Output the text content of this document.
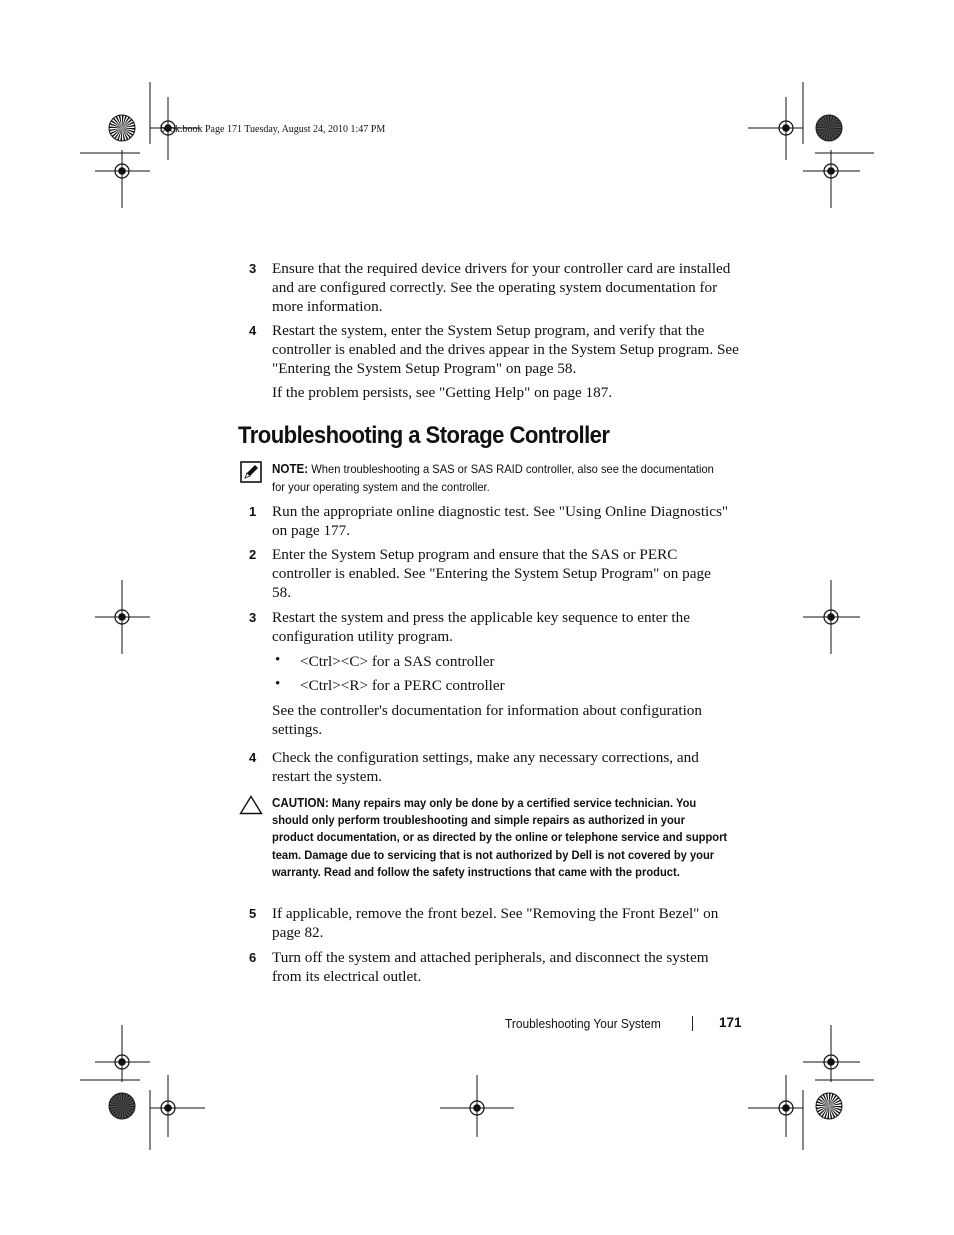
book.book Page 171 Tuesday, August 24, 2010 1:47 PM
3 Ensure that the required device drivers for your controller card are installed and are configured correctly. See the operating system documentation for more information.
4 Restart the system, enter the System Setup program, and verify that the controller is enabled and the drives appear in the System Setup program. See "Entering the System Setup Program" on page 58.
If the problem persists, see "Getting Help" on page 187.
Troubleshooting a Storage Controller
NOTE: When troubleshooting a SAS or SAS RAID controller, also see the documentation for your operating system and the controller.
1 Run the appropriate online diagnostic test. See "Using Online Diagnostics" on page 177.
2 Enter the System Setup program and ensure that the SAS or PERC controller is enabled. See "Entering the System Setup Program" on page 58.
3 Restart the system and press the applicable key sequence to enter the configuration utility program.
• <Ctrl><C> for a SAS controller
• <Ctrl><R> for a PERC controller
See the controller's documentation for information about configuration settings.
4 Check the configuration settings, make any necessary corrections, and restart the system.
CAUTION: Many repairs may only be done by a certified service technician. You should only perform troubleshooting and simple repairs as authorized in your product documentation, or as directed by the online or telephone service and support team. Damage due to servicing that is not authorized by Dell is not covered by your warranty. Read and follow the safety instructions that came with the product.
5 If applicable, remove the front bezel. See "Removing the Front Bezel" on page 82.
6 Turn off the system and attached peripherals, and disconnect the system from its electrical outlet.
Troubleshooting Your System	171
